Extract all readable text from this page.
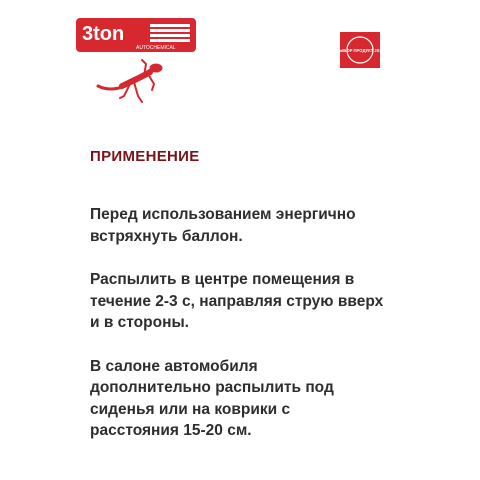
3ton
AUTOCHEMICAL	ВЫБОР ПРОДУКТ 2013
ПРИМЕНЕНИЕ

Перед использованием энергично
встряхнуть баллон.

Распылить в центре помещения в
течение 2-3 с, направляя струю вверх
и в стороны.

В салоне автомобиля
дополнительно распылить под
сиденья или на коврики с
расстояния 15-20 см.
